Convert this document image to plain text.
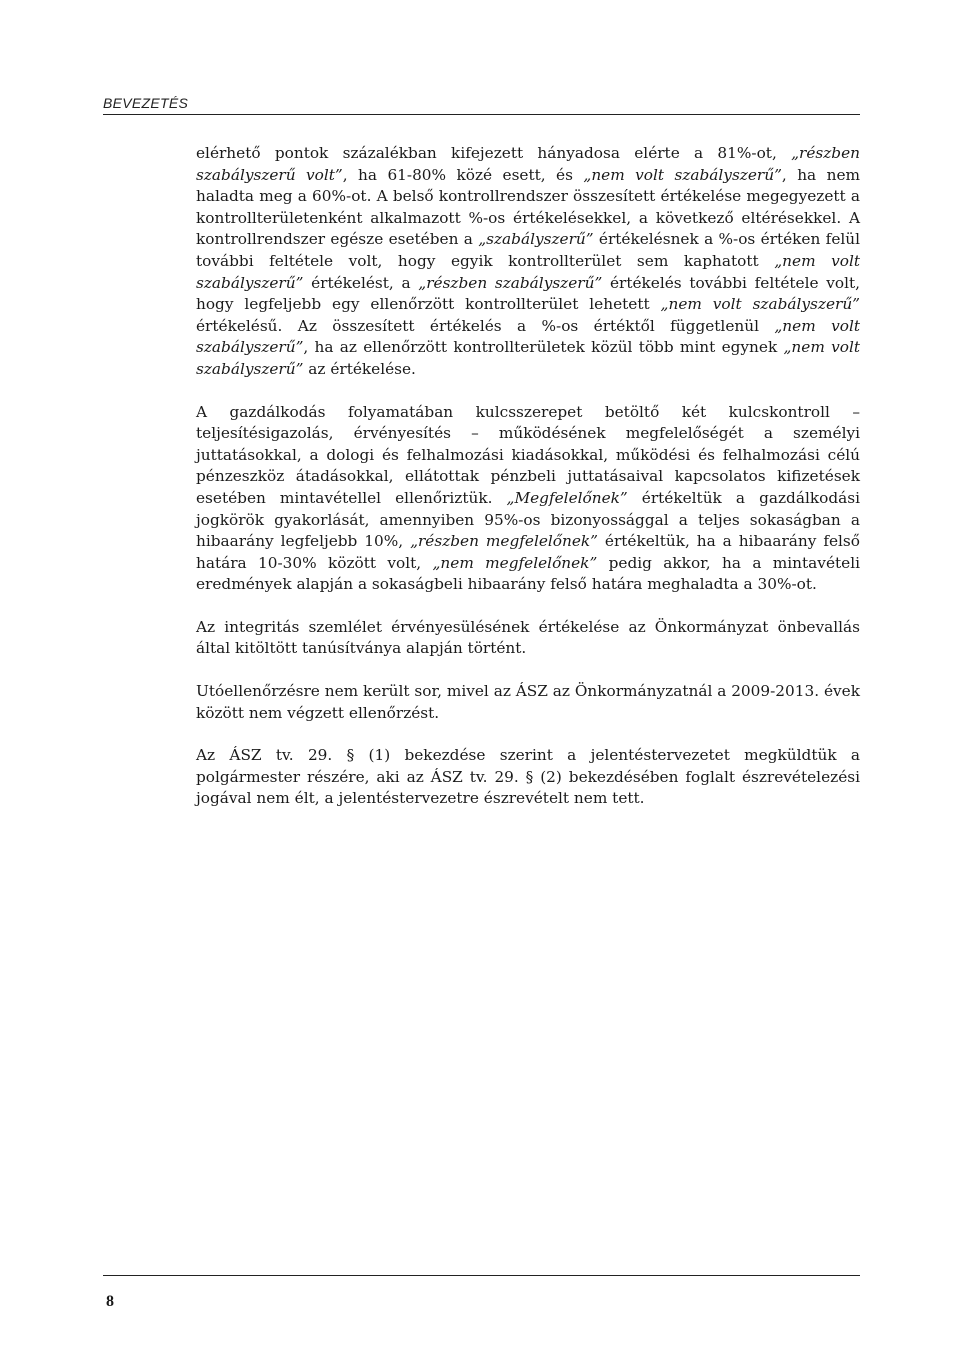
BEVEZETÉS

elérhető pontok százalékban kifejezett hányadosa elérte a 81%-ot, „részben szabályszerű volt”, ha 61-80% közé esett, és „nem volt szabályszerű”, ha nem haladta meg a 60%-ot. A belső kontrollrendszer összesített értékelése megegyezett a kontrollterületenként alkalmazott %-os értékelésekkel, a következő eltérésekkel. A kontrollrendszer egésze esetében a „szabályszerű” értékelésnek a %-os értéken felül további feltétele volt, hogy egyik kontrollterület sem kaphatott „nem volt szabályszerű” értékelést, a „részben szabályszerű” értékelés további feltétele volt, hogy legfeljebb egy ellenőrzött kontrollterület lehetett „nem volt szabályszerű” értékelésű. Az összesített értékelés a %-os értéktől függetlenül „nem volt szabályszerű”, ha az ellenőrzött kontrollterületek közül több mint egynek „nem volt szabályszerű” az értékelése.

A gazdálkodás folyamatában kulcsszerepet betöltő két kulcskontroll – teljesítésigazolás, érvényesítés – működésének megfelelőségét a személyi juttatásokkal, a dologi és felhalmozási kiadásokkal, működési és felhalmozási célú pénzeszköz átadásokkal, ellátottak pénzbeli juttatásaival kapcsolatos kifizetések esetében mintavétellel ellenőriztük. „Megfelelőnek” értékeltük a gazdálkodási jogkörök gyakorlását, amennyiben 95%-os bizonyossággal a teljes sokaságban a hibaarány legfeljebb 10%, „részben megfelelőnek” értékeltük, ha a hibaarány felső határa 10-30% között volt, „nem megfelelőnek” pedig akkor, ha a mintavételi eredmények alapján a sokaságbeli hibaarány felső határa meghaladta a 30%-ot.

Az integritás szemlélet érvényesülésének értékelése az Önkormányzat önbevallás által kitöltött tanúsítványa alapján történt.

Utóellenőrzésre nem került sor, mivel az ÁSZ az Önkormányzatnál a 2009-2013. évek között nem végzett ellenőrzést.

Az ÁSZ tv. 29. § (1) bekezdése szerint a jelentéstervezetet megküldtük a polgármester részére, aki az ÁSZ tv. 29. § (2) bekezdésében foglalt észrevételezési jogával nem élt, a jelentéstervezetre észrevételt nem tett.

8
